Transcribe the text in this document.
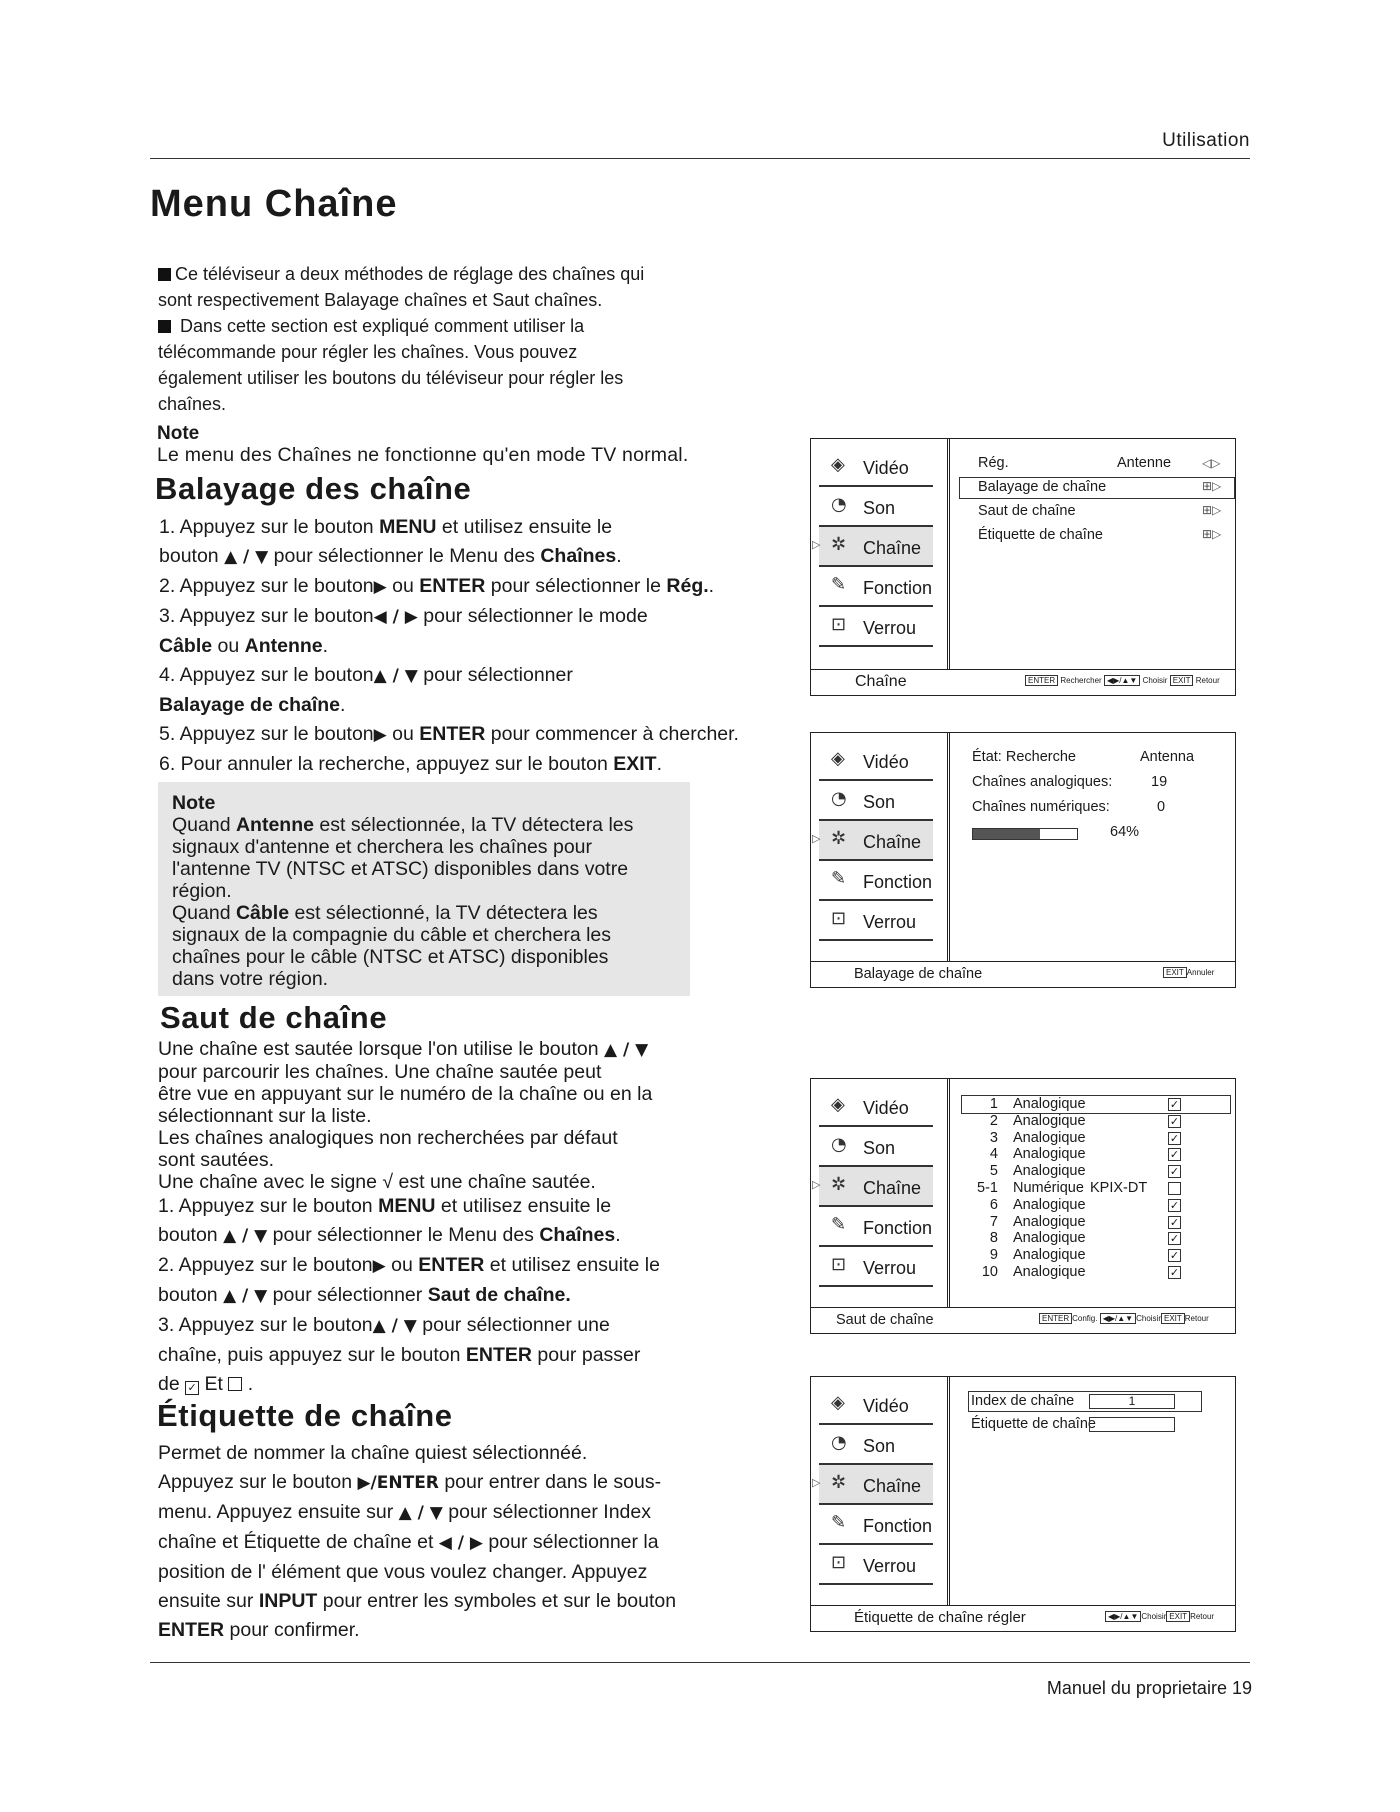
Utilisation
Menu Chaîne
Ce téléviseur a deux méthodes de réglage des chaînes qui
sont respectivement Balayage chaînes et Saut chaînes.
Dans cette section est expliqué comment utiliser la
télécommande pour régler les chaînes. Vous pouvez
également utiliser les boutons du téléviseur pour régler les
chaînes.
Note
Le menu des Chaînes ne fonctionne qu'en mode TV normal.
Balayage des chaîne
1. Appuyez sur le bouton MENU et utilisez ensuite le
bouton ▲ / ▼ pour sélectionner le Menu des Chaînes.
2. Appuyez sur le bouton▶ ou ENTER pour sélectionner le Rég..
3. Appuyez sur le bouton◀ / ▶ pour sélectionner le mode
Câble ou Antenne.
4. Appuyez sur le bouton▲ / ▼ pour sélectionner
Balayage de chaîne.
5. Appuyez sur le bouton▶ ou ENTER pour commencer à chercher.
6. Pour annuler la recherche, appuyez sur le bouton EXIT.
Note
Quand Antenne est sélectionnée, la TV détectera les
signaux d'antenne et cherchera les chaînes pour
l'antenne TV (NTSC et ATSC) disponibles dans votre
région.
Quand Câble est sélectionné, la TV détectera les
signaux de la compagnie du câble et cherchera les
chaînes pour le câble (NTSC et ATSC) disponibles
dans votre région.
Saut de chaîne
Une chaîne est sautée lorsque l'on utilise le bouton ▲ / ▼
pour parcourir les chaînes. Une chaîne sautée peut
être vue en appuyant sur le numéro de la chaîne ou en la
sélectionnant sur la liste.
Les chaînes analogiques non recherchées par défaut
sont sautées.
Une chaîne avec le signe √ est une chaîne sautée.
1. Appuyez sur le bouton MENU et utilisez ensuite le
bouton ▲ / ▼ pour sélectionner le Menu des Chaînes.
2. Appuyez sur le bouton▶ ou ENTER et utilisez ensuite le
bouton ▲ / ▼ pour sélectionner Saut de chaîne.
3. Appuyez sur le bouton▲ / ▼ pour sélectionner une
chaîne, puis appuyez sur le bouton ENTER pour passer
de ✓ Et  .
Étiquette de chaîne
Permet de nommer la chaîne quiest sélectionnéé.
Appuyez sur le bouton ▶/ENTER pour entrer dans le sous-
menu. Appuyez ensuite sur ▲ / ▼ pour sélectionner Index
chaîne et Étiquette de chaîne et ◀ / ▶ pour sélectionner la
position de l' élément que vous voulez changer. Appuyez
ensuite sur INPUT pour entrer les symboles et sur le bouton
ENTER pour confirmer.
◈	Vidéo
◔ Son
▷ ✲ Chaîne
✎ Fonction
⊡ Verrou
Rég.	Antenne	◁▷
Balayage de chaîne	⊞▷
Saut de chaîne	⊞▷
Étiquette de chaîne	⊞▷
Chaîne	ENTER Rechercher ◀▶/▲▼ Choisir EXIT Retour
◈	Vidéo
◔ Son
▷ ✲ Chaîne
✎ Fonction
⊡ Verrou
État: Recherche	Antenna
Chaînes analogiques:	19
Chaînes numériques:	0
64%
Balayage de chaîne	EXIT Annuler
◈	Vidéo
◔ Son
▷ ✲ Chaîne
✎ Fonction
⊡ Verrou
1 Analogique	✓
2 Analogique	✓
3 Analogique	✓
4 Analogique	✓
5 Analogique	✓
5-1 Numérique KPIX-DT
6 Analogique	✓
7 Analogique	✓
8 Analogique	✓
9 Analogique	✓
10 Analogique	✓
Saut de chaîne	ENTER Config. ◀▶/▲▼ Choisir EXIT Retour
◈	Vidéo
◔ Son
▷ ✲ Chaîne
✎ Fonction
⊡ Verrou
Index de chaîne	1
Étiquette de chaîne
Étiquette de chaîne régler	◀▶/▲▼ Choisir EXIT Retour
Manuel du proprietaire 19
